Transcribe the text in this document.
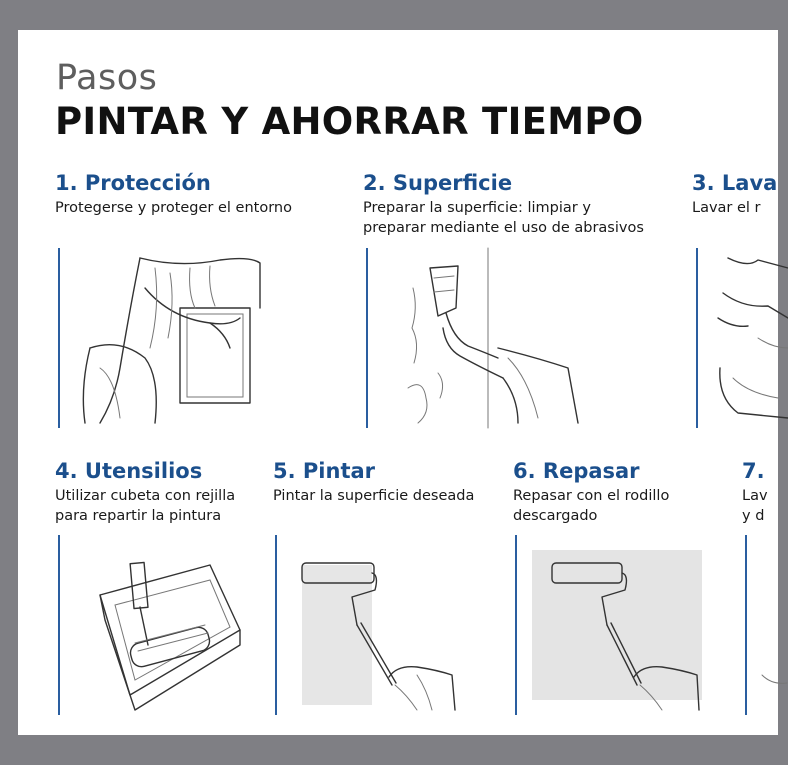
Pasos
PINTAR Y AHORRAR TIEMPO
1. Protección
Protegerse y proteger el entorno
2. Superficie
Preparar la superficie: limpiar y
preparar mediante el uso de abrasivos
3. Lava
Lavar el r
4. Utensilios
Utilizar cubeta con rejilla
para repartir la pintura
5. Pintar
Pintar la superficie deseada
6. Repasar
Repasar con el rodillo
descargado
7.
Lav
y d
